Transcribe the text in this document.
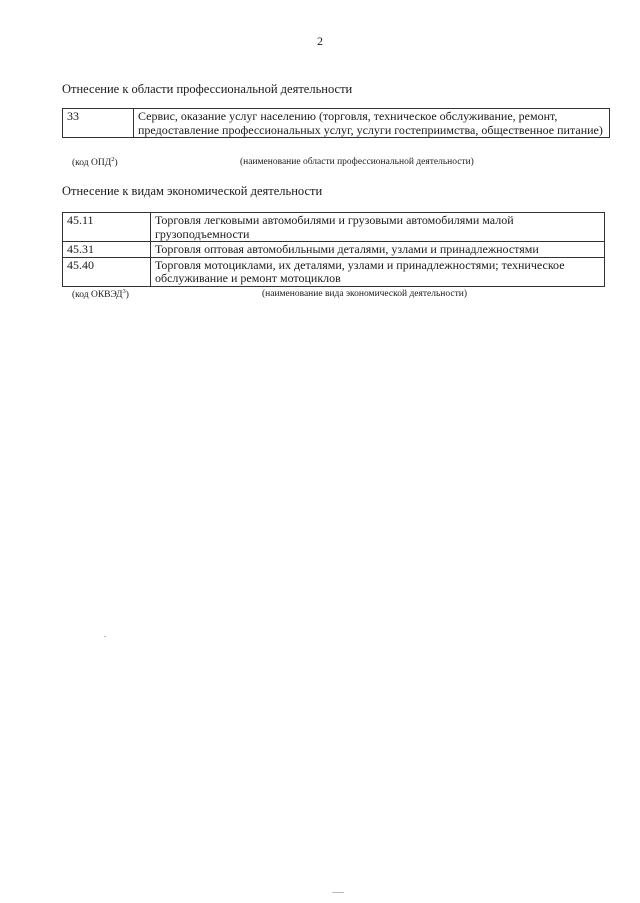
2
Отнесение к области профессиональной деятельности
33	Сервис, оказание услуг населению (торговля, техническое обслуживание, ремонт, предоставление профессиональных услуг, услуги гостеприимства, общественное питание)
(код ОПД$^2$)	(наименование области профессиональной деятельности)
Отнесение к видам экономической деятельности
45.11	Торговля легковыми автомобилями и грузовыми автомобилями малой грузоподъемности
45.31	Торговля оптовая автомобильными деталями, узлами и принадлежностями
45.40	Торговля мотоциклами, их деталями, узлами и принадлежностями; техническое обслуживание и ремонт мотоциклов
(код ОКВЭД$^3$)	(наименование вида экономической деятельности)
